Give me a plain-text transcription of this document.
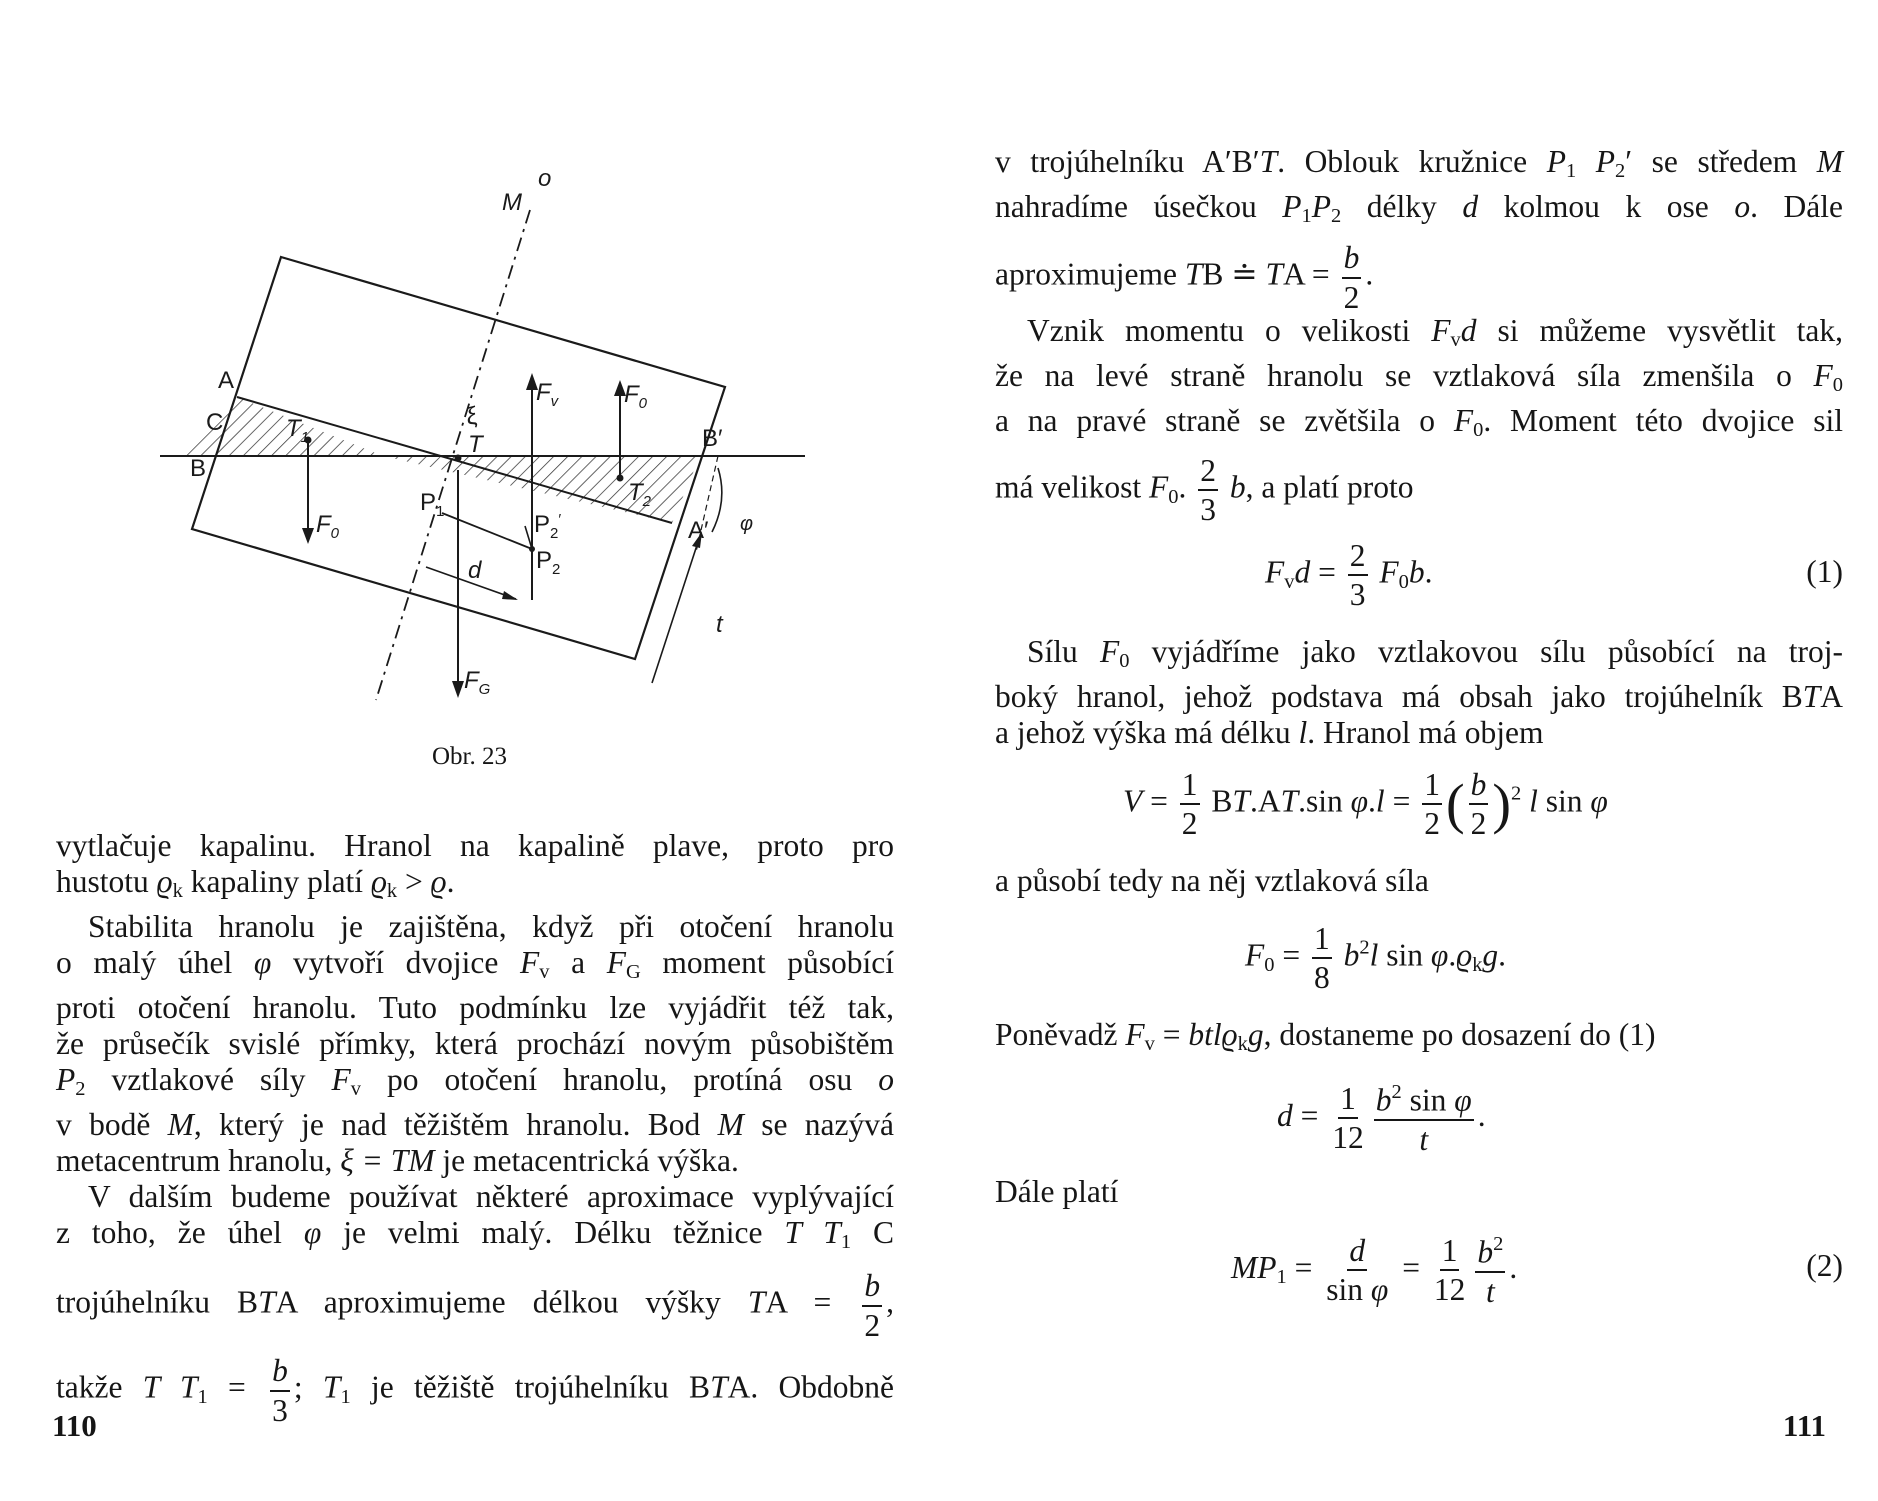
M
o
A
C
B
$T_1$	T
$T_2$
B′
A′
$P_1$	$P_2'$
$P_2$
ξ
φ
t
d
$F_v$	$F_0$
$F_0$
$F_G$
Obr. 23

vytlačuje kapalinu. Hranol na kapalině plave, proto pro

hustotu $ϱ_k$ kapaliny platí $ϱ_k > ϱ$.

Stabilita hranolu je zajištěna, když při otočení hranolu

o malý úhel φ vytvoří dvojice $F_v$ a $F_G$ moment působící

proti otočení hranolu. Tuto podmínku lze vyjádřit též tak,

že průsečík svislé přímky, která prochází novým působištěm

$P_2$ vztlakové síly $F_v$ po otočení hranolu, protíná osu o

v bodě M, který je nad těžištěm hranolu. Bod M se nazývá

metacentrum hranolu, ξ = TM je metacentrická výška.

V dalším budeme používat některé aproximace vyplývající

z toho, že úhel φ je velmi malý. Délku těžnice T $T_1$ C

trojúhelníku BTA aproximujeme délkou výšky TA = $\frac{b}{2}$ ,

takže T $T_1 = \frac{b}{3}$ ; $T_1$ je těžiště trojúhelníku BTA. Obdobně

110

v trojúhelníku A′B′T. Oblouk kružnice $P_1$ $P_2'$ se středem M

nahradíme úsečkou $P_1P_2$ délky d kolmou k ose o. Dále

aproximujeme TB ≐ TA = $\frac{b}{2}$ .

Vznik momentu o velikosti $F_vd$ si můžeme vysvětlit tak,

že na levé straně hranolu se vztlaková síla zmenšila o $F_0$

a na pravé straně se zvětšila o $F_0$. Moment této dvojice sil

má velikost $F_0$. $\frac{2}{3} b$, a platí proto

$F_vd = \frac{2}{3} F_0b$.	(1)

Sílu $F_0$ vyjádříme jako vztlakovou sílu působící na troj-

boký hranol, jehož podstava má obsah jako trojúhelník BTA

a jehož výška má délku l. Hranol má objem

$V = \frac{1}{2} BT.AT.\sin$ $\varphi.l = \frac{1}{2}$ ( $\frac{b}{2} )^2$ l sin φ

a působí tedy na něj vztlaková síla

$F_0 = \frac{1}{8} b^2l$ $\sin \varphi.ϱ_kg$.

Poněvadž $F_v = btlϱ_kg$, dostaneme po dosazení do (1)

$d = \frac{1}{12} \frac{b^2 \sin \varphi}{t}$ .

Dále platí

$MP_1 = \frac{d}{\text{sin φ}} = \frac{1}{12} \frac{b^2}{t}$ .	(2)
111
